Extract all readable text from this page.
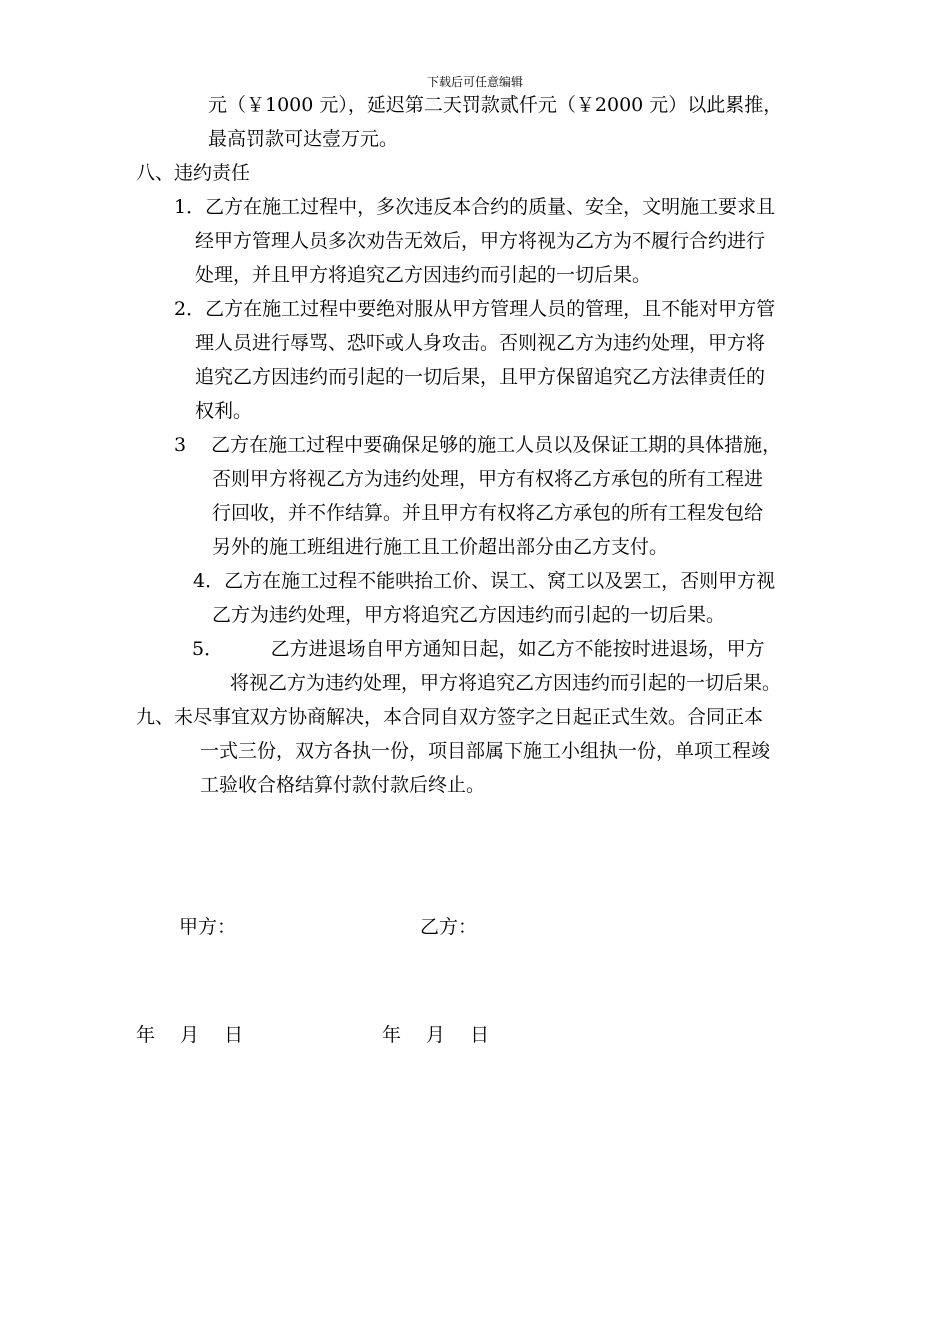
下载后可任意编辑
元（￥1000 元），延迟第二天罚款贰仟元（￥2000 元）以此累推，
最高罚款可达壹万元。
八、违约责任
1．乙方在施工过程中，多次违反本合约的质量、安全，文明施工要求且
经甲方管理人员多次劝告无效后，甲方将视为乙方为不履行合约进行
处理，并且甲方将追究乙方因违约而引起的一切后果。
2．乙方在施工过程中要绝对服从甲方管理人员的管理，且不能对甲方管
理人员进行辱骂、恐吓或人身攻击。否则视乙方为违约处理，甲方将
追究乙方因违约而引起的一切后果，且甲方保留追究乙方法律责任的
权利。
3　 乙方在施工过程中要确保足够的施工人员以及保证工期的具体措施，
否则甲方将视乙方为违约处理，甲方有权将乙方承包的所有工程进
行回收，并不作结算。并且甲方有权将乙方承包的所有工程发包给
另外的施工班组进行施工且工价超出部分由乙方支付。
4．乙方在施工过程不能哄抬工价、误工、窝工以及罢工，否则甲方视
乙方为违约处理，甲方将追究乙方因违约而引起的一切后果。
5．　　　乙方进退场自甲方通知日起，如乙方不能按时进退场，甲方
将视乙方为违约处理，甲方将追究乙方因违约而引起的一切后果。
九、未尽事宜双方协商解决，本合同自双方签字之日起正式生效。合同正本
一式三份，双方各执一份，项目部属下施工小组执一份，单项工程竣
工验收合格结算付款付款后终止。
甲方：	乙方：
年　 月　 日	年　 月　 日
